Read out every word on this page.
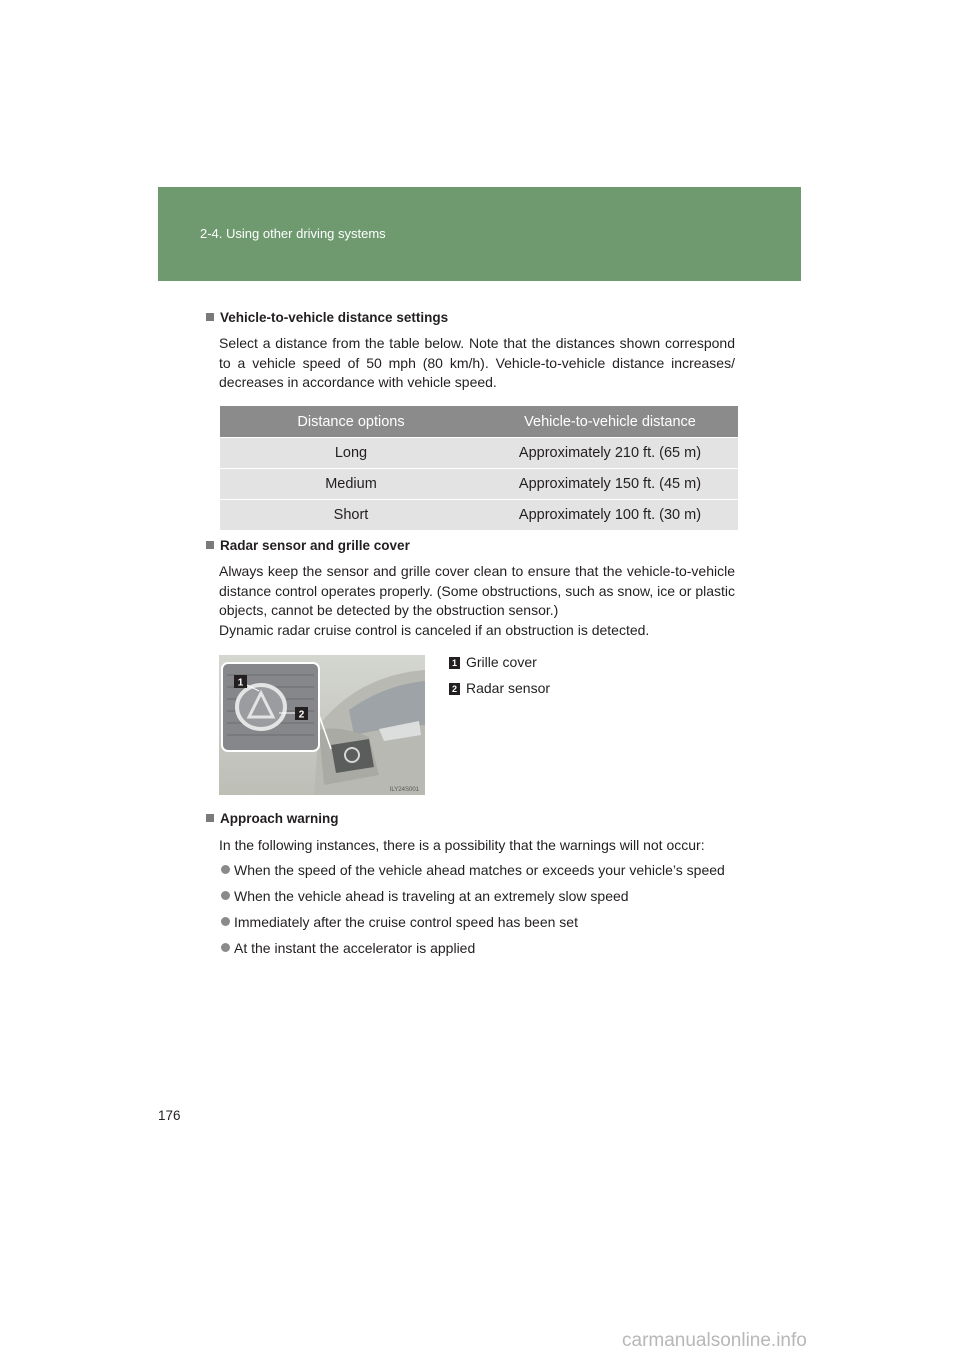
2-4. Using other driving systems
Vehicle-to-vehicle distance settings

Select a distance from the table below. Note that the distances shown correspond to a vehicle speed of 50 mph (80 km/h). Vehicle-to-vehicle distance increases/ decreases in accordance with vehicle speed.

Distance options	Vehicle-to-vehicle distance
Long	Approximately 210 ft. (65 m)
Medium	Approximately 150 ft. (45 m)
Short	Approximately 100 ft. (30 m)
Radar sensor and grille cover

Always keep the sensor and grille cover clean to ensure that the vehicle-to-vehicle distance control operates properly. (Some obstructions, such as snow, ice or plastic objects, cannot be detected by the obstruction sensor.)

Dynamic radar cruise control is canceled if an obstruction is detected.

1
2
ILY24S001
1 Grille cover
2 Radar sensor
Approach warning

In the following instances, there is a possibility that the warnings will not occur:

When the speed of the vehicle ahead matches or exceeds your vehicle’s speed
When the vehicle ahead is traveling at an extremely slow speed
Immediately after the cruise control speed has been set
At the instant the accelerator is applied
176
carmanualsonline.info
